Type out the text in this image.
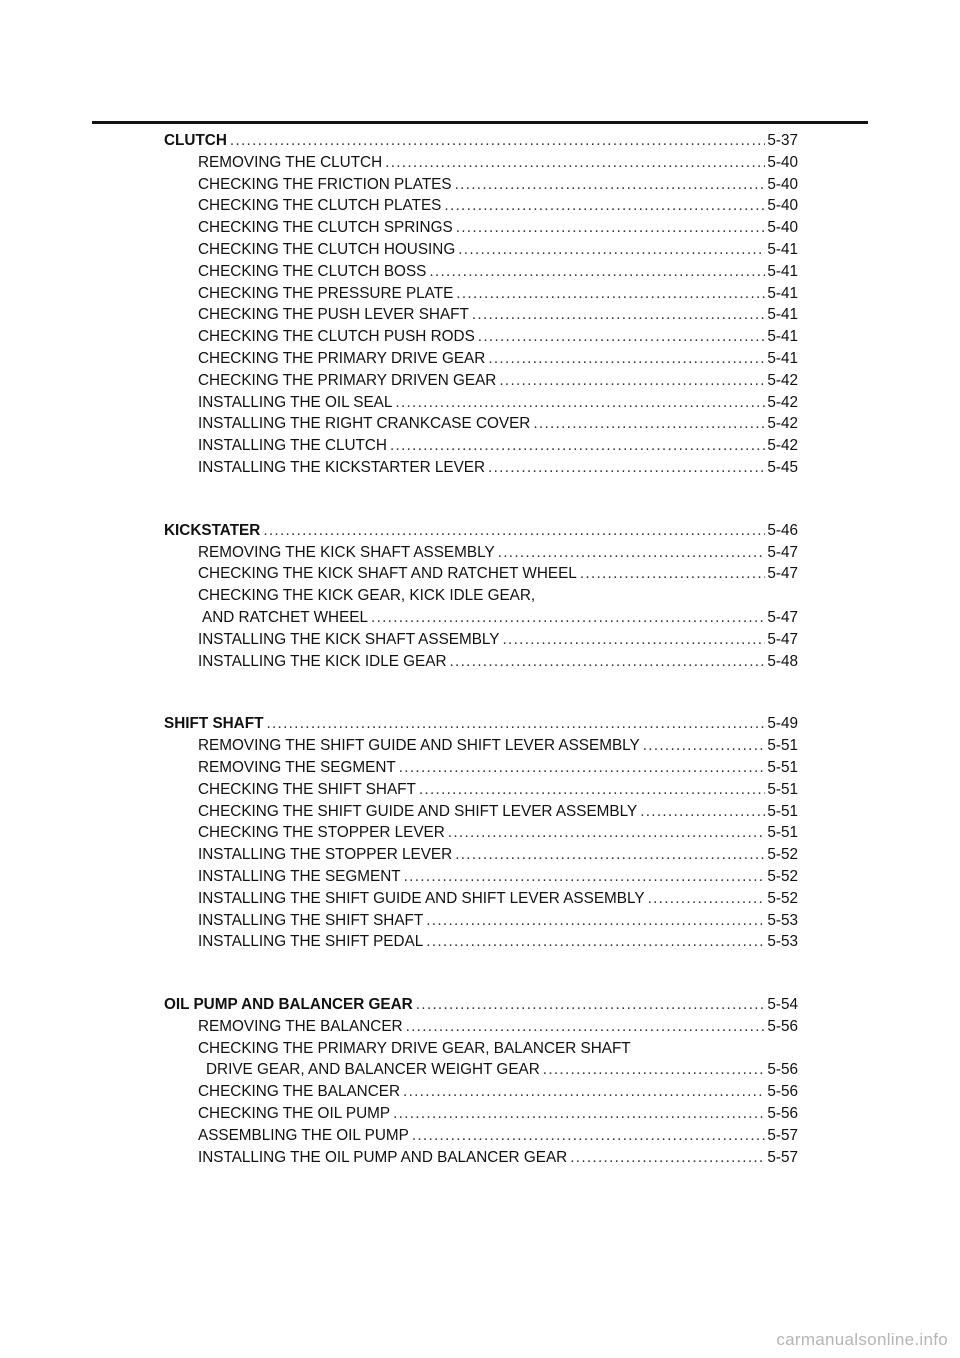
CLUTCH .....	5-37
REMOVING THE CLUTCH .....	5-40
CHECKING THE FRICTION PLATES .....	5-40
CHECKING THE CLUTCH PLATES .....	5-40
CHECKING THE CLUTCH SPRINGS .....	5-40
CHECKING THE CLUTCH HOUSING .....	5-41
CHECKING THE CLUTCH BOSS .....	5-41
CHECKING THE PRESSURE PLATE .....	5-41
CHECKING THE PUSH LEVER SHAFT .....	5-41
CHECKING THE CLUTCH PUSH RODS .....	5-41
CHECKING THE PRIMARY DRIVE GEAR .....	5-41
CHECKING THE PRIMARY DRIVEN GEAR .....	5-42
INSTALLING THE OIL SEAL .....	5-42
INSTALLING THE RIGHT CRANKCASE COVER .....	5-42
INSTALLING THE CLUTCH .....	5-42
INSTALLING THE KICKSTARTER LEVER .....	5-45
KICKSTATER .....	5-46
REMOVING THE KICK SHAFT ASSEMBLY .....	5-47
CHECKING THE KICK SHAFT AND RATCHET WHEEL .....	5-47
CHECKING THE KICK GEAR, KICK IDLE GEAR,
AND RATCHET WHEEL .....	5-47
INSTALLING THE KICK SHAFT ASSEMBLY .....	5-47
INSTALLING THE KICK IDLE GEAR .....	5-48
SHIFT SHAFT .....	5-49
REMOVING THE SHIFT GUIDE AND SHIFT LEVER ASSEMBLY .....	5-51
REMOVING THE SEGMENT .....	5-51
CHECKING THE SHIFT SHAFT .....	5-51
CHECKING THE SHIFT GUIDE AND SHIFT LEVER ASSEMBLY .....	5-51
CHECKING THE STOPPER LEVER .....	5-51
INSTALLING THE STOPPER LEVER .....	5-52
INSTALLING THE SEGMENT .....	5-52
INSTALLING THE SHIFT GUIDE AND SHIFT LEVER ASSEMBLY .....	5-52
INSTALLING THE SHIFT SHAFT .....	5-53
INSTALLING THE SHIFT PEDAL .....	5-53
OIL PUMP AND BALANCER GEAR .....	5-54
REMOVING THE BALANCER .....	5-56
CHECKING THE PRIMARY DRIVE GEAR, BALANCER SHAFT
DRIVE GEAR, AND BALANCER WEIGHT GEAR .....	5-56
CHECKING THE BALANCER .....	5-56
CHECKING THE OIL PUMP .....	5-56
ASSEMBLING THE OIL PUMP .....	5-57
INSTALLING THE OIL PUMP AND BALANCER GEAR .....	5-57
carmanualsonline.info
